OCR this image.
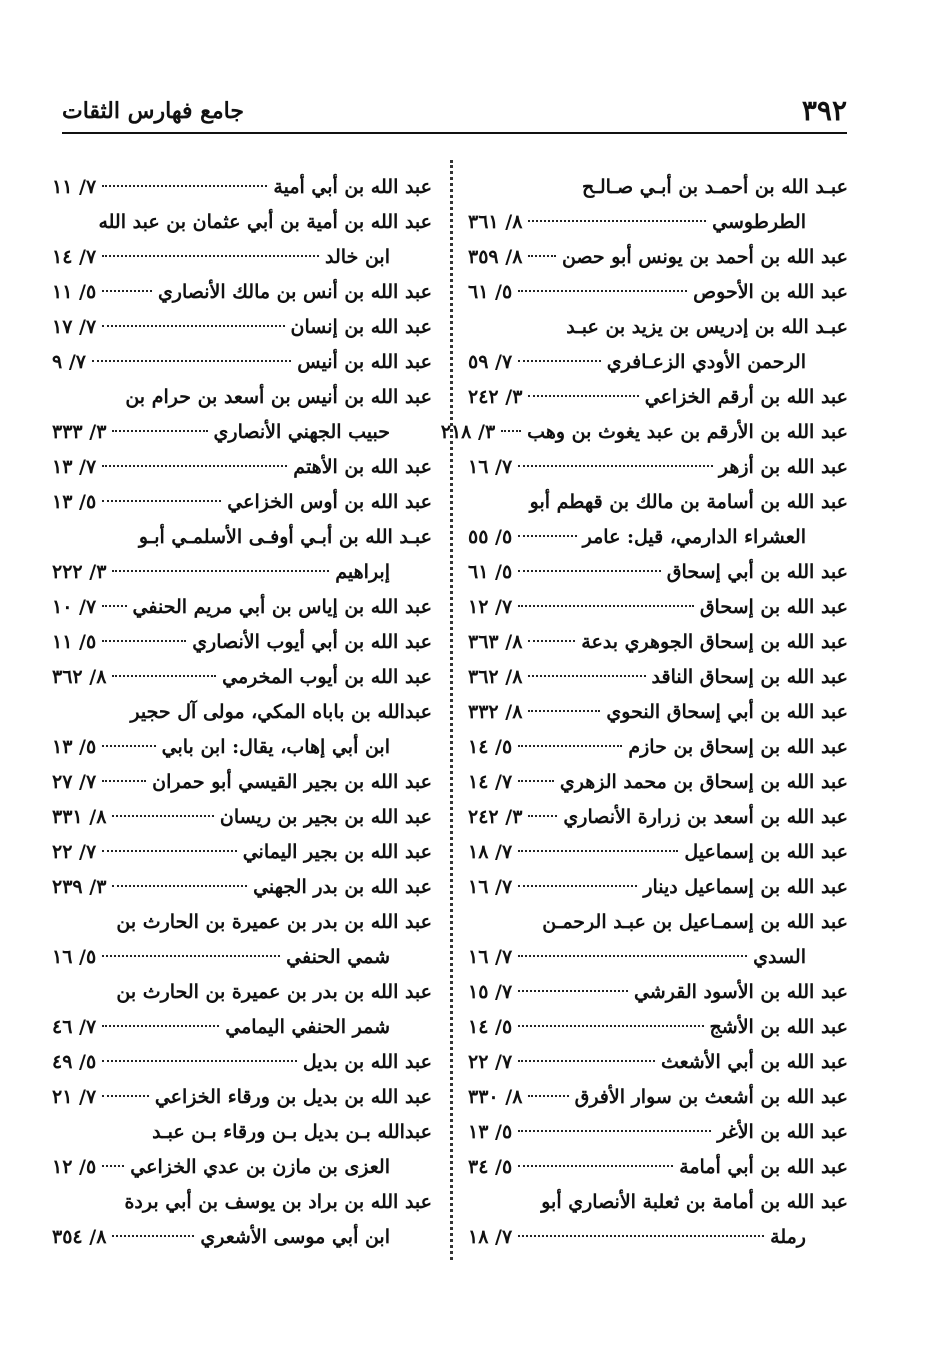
٣٩٢
جامع فهارس الثقات
عبـد الله بن أحمـد بن أبـي صـالـح
الطرطوسي
٨/ ٣٦١
عبد الله بن أحمد بن يونس أبو حصن
٨/ ٣٥٩
عبد الله بن الأحوص
٥/ ٦١
عبـد الله بن إدريس بن يزيد بن عبـد
الرحمن الأودي الزعـافري
٧/ ٥٩
عبد الله بن أرقم الخزاعي
٣/ ٢٤٢
عبد الله بن الأرقم بن عبد يغوث بن وهب
٣/ ٢١٨
عبد الله بن أزهر
٧/ ١٦
عبد الله بن أسامة بن مالك بن قهطم أبو
العشراء الدارمي، قيل: عامر
٥/ ٥٥
عبد الله بن أبي إسحاق
٥/ ٦١
عبد الله بن إسحاق
٧/ ١٢
عبد الله بن إسحاق الجوهري بدعة
٨/ ٣٦٣
عبد الله بن إسحاق الناقد
٨/ ٣٦٢
عبد الله بن أبي إسحاق النحوي
٨/ ٣٣٢
عبد الله بن إسحاق بن حازم
٥/ ١٤
عبد الله بن إسحاق بن محمد الزهري
٧/ ١٤
عبد الله بن أسعد بن زرارة الأنصاري
٣/ ٢٤٢
عبد الله بن إسماعيل
٧/ ١٨
عبد الله بن إسماعيل دينار
٧/ ١٦
عبد الله بن إسمـاعيل بن عبـد الرحمـن
السدي
٧/ ١٦
عبد الله بن الأسود القرشي
٧/ ١٥
عبد الله بن الأشج
٥/ ١٤
عبد الله بن أبي الأشعث
٧/ ٢٢
عبد الله بن أشعث بن سوار الأفرق
٨/ ٣٣٠
عبد الله بن الأغر
٥/ ١٣
عبد الله بن أبي أمامة
٥/ ٣٤
عبد الله بن أمامة بن ثعلبة الأنصاري أبو
رملة
٧/ ١٨
عبد الله بن أبي أمية
٧/ ١١
عبد الله بن أمية بن أبي عثمان بن عبد الله
ابن خالد
٧/ ١٤
عبد الله بن أنس بن مالك الأنصاري
٥/ ١١
عبد الله بن إنسان
٧/ ١٧
عبد الله بن أنيس
٧/ ٩
عبد الله بن أنيس بن أسعد بن حرام بن
حبيب الجهني الأنصاري
٣/ ٣٣٣
عبد الله بن الأهتم
٧/ ١٣
عبد الله بن أوس الخزاعي
٥/ ١٣
عبـد الله بن أبـي أوفـى الأسلمـي أبـو
إبراهيم
٣/ ٢٢٢
عبد الله بن إياس بن أبي مريم الحنفي
٧/ ١٠
عبد الله بن أبي أيوب الأنصاري
٥/ ١١
عبد الله بن أيوب المخرمي
٨/ ٣٦٢
عبدالله بن باباه المكي، مولى آل حجير
ابن أبي إهاب، يقال: ابن بابي
٥/ ١٣
عبد الله بن بجير القيسي أبو حمران
٧/ ٢٧
عبد الله بن بجير بن ريسان
٨/ ٣٣١
عبد الله بن بجير اليماني
٧/ ٢٢
عبد الله بن بدر الجهني
٣/ ٢٣٩
عبد الله بن بدر بن عميرة بن الحارث بن
شمي الحنفي
٥/ ١٦
عبد الله بن بدر بن عميرة بن الحارث بن
شمر الحنفي اليمامي
٧/ ٤٦
عبد الله بن بديل
٥/ ٤٩
عبد الله بن بديل بن ورقاء الخزاعي
٧/ ٢١
عبدالله بـن بديل بـن ورقاء بـن عبـد
العزى بن مازن بن عدي الخزاعي
٥/ ١٢
عبد الله بن براد بن يوسف بن أبي بردة
ابن أبي موسى الأشعري
٨/ ٣٥٤
